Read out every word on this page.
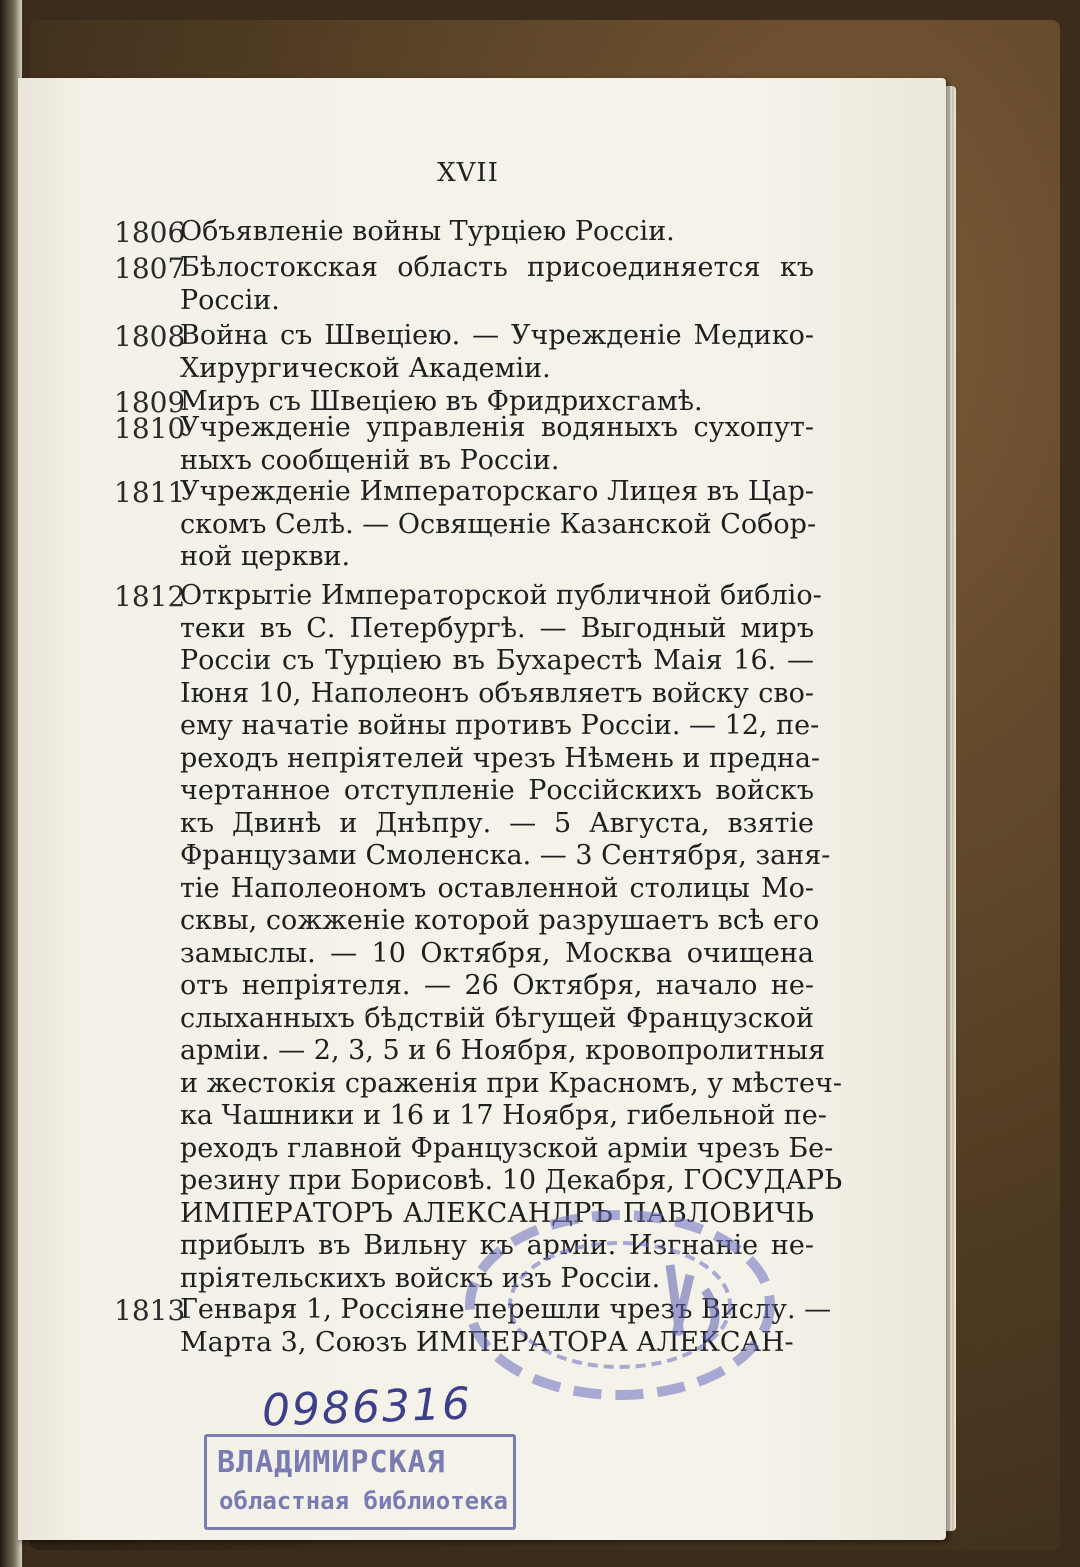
XVII
1806
Объявленіе войны Турціею Россіи.
1807
Бѣлостокская область присоединяется къ
Россіи.
1808
Война съ Швеціею. — Учрежденіе Медико-
Хирургической Академіи.
1809
Миръ съ Швеціею въ Фридрихсгамѣ.
1810
Учрежденіе управленія водяныхъ сухопут-
ныхъ сообщеній въ Россіи.
1811
Учрежденіе Императорскаго Лицея въ Цар-
скомъ Селѣ. — Освященіе Казанской Собор-
ной церкви.
1812
Открытіе Императорской публичной библіо-
теки въ С. Петербургѣ. — Выгодный миръ
Россіи съ Турціею въ Бухарестѣ Маія 16. —
Іюня 10, Наполеонъ объявляетъ войску сво-
ему начатіе войны противъ Россіи. — 12, пе-
реходъ непріятелей чрезъ Нѣмень и предна-
чертанное отступленіе Россійскихъ войскъ
къ Двинѣ и Днѣпру. — 5 Августа, взятіе
Французами Смоленска. — 3 Сентября, заня-
тіе Наполеономъ оставленной столицы Мо-
сквы, сожженіе которой разрушаетъ всѣ его
замыслы. — 10 Октября, Москва очищена
отъ непріятеля. — 26 Октября, начало не-
слыханныхъ бѣдствій бѣгущей Французской
арміи. — 2, 3, 5 и 6 Ноября, кровопролитныя
и жестокія сраженія при Красномъ, у мѣстеч-
ка Чашники и 16 и 17 Ноября, гибельной пе-
реходъ главной Французской арміи чрезъ Бе-
резину при Борисовѣ. 10 Декабря, ГОСУДАРЬ
ИМПЕРАТОРЪ АЛЕКСАНДРЪ ПАВЛОВИЧЬ
прибылъ въ Вильну къ арміи. Изгнаніе не-
пріятельскихъ войскъ изъ Россіи.
1813
Генваря 1, Россіяне перешли чрезъ Вислу. —
Марта 3, Союзъ ИМПЕРАТОРА АЛЕКСАН-
0986316
ВЛАДИМИРСКАЯ
областная библиотека
